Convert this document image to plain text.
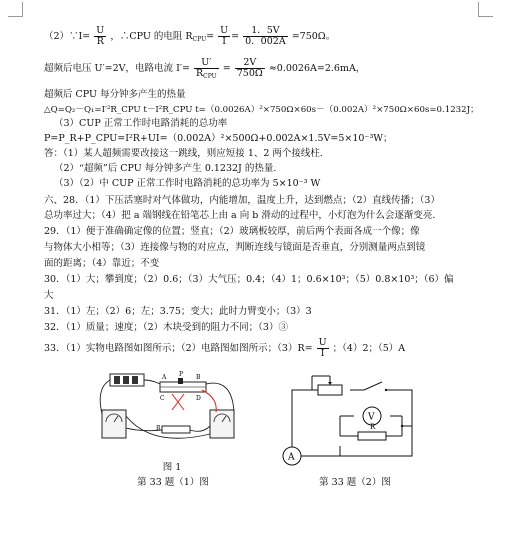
（2）∵I= $\frac{U}{R}$ ，∴CPU 的电阻 $R_{CPU}= \frac{U}{I} = \frac{1.5V}{0.002A} =750\Omega$。
超频后电压 U′=2V，电路电流 $I'= \frac{U'}{R_{CPU}} = \frac{2V}{750\Omega} \approx 0.0026A=2.6mA$，
超频后 CPU 每分钟多产生的热量
△Q=Q₂－Q₁=I′²R_CPU t－I²R_CPU t=（0.0026A）²×750Ω×60s－（0.002A）²×750Ω×60s=0.1232J；
（3）CUP 正常工作时电路消耗的总功率
P=P_R+P_CPU=I²R+UI=（0.002A）²×500Ω+0.002A×1.5V=5×10⁻³W；
答：（1）某人超频需要改接这一跳线，则应短接 1、2 两个接线柱.
（2）“超频”后 CPU 每分钟多产生 0.1232J 的热量.
（3）（2）中 CUP 正常工作时电路消耗的总功率为 5×10⁻³ W
六、28．（1）下压活塞时对气体做功，内能增加，温度上升，达到燃点；（2）直线传播；（3）
总功率过大；（4）把 a 端钢线在铅笔芯上由 a 向 b 滑动的过程中，小灯泡为什么会逐渐变亮.
29．（1）便于准确确定像的位置；竖直；（2）玻璃板较厚，前后两个表面各成一个像；像
与物体大小相等；（3）连接像与物的对应点，判断连线与镜面是否垂直，分别测量两点到镜
面的距离；（4）靠近；不变
30．（1）大；攀到度；（2）0.6；（3）大气压；0.4；（4）1；0.6×10³；（5）0.8×10³；（6）偏
大
31．（1）左；（2）6；左；3.75；变大；此时力臂变小；（3）3
32．（1）质量；速度；（2）木块受到的阻力不同；（3）③
33．（1）实物电路图如图所示；（2）电路图如图所示；$(3)R= \frac{U}{I}$ ；（4）2；（5）A
A P B
C	D
R
图 1
第 33 题（1）图
V
R
A
第 33 题（2）图
